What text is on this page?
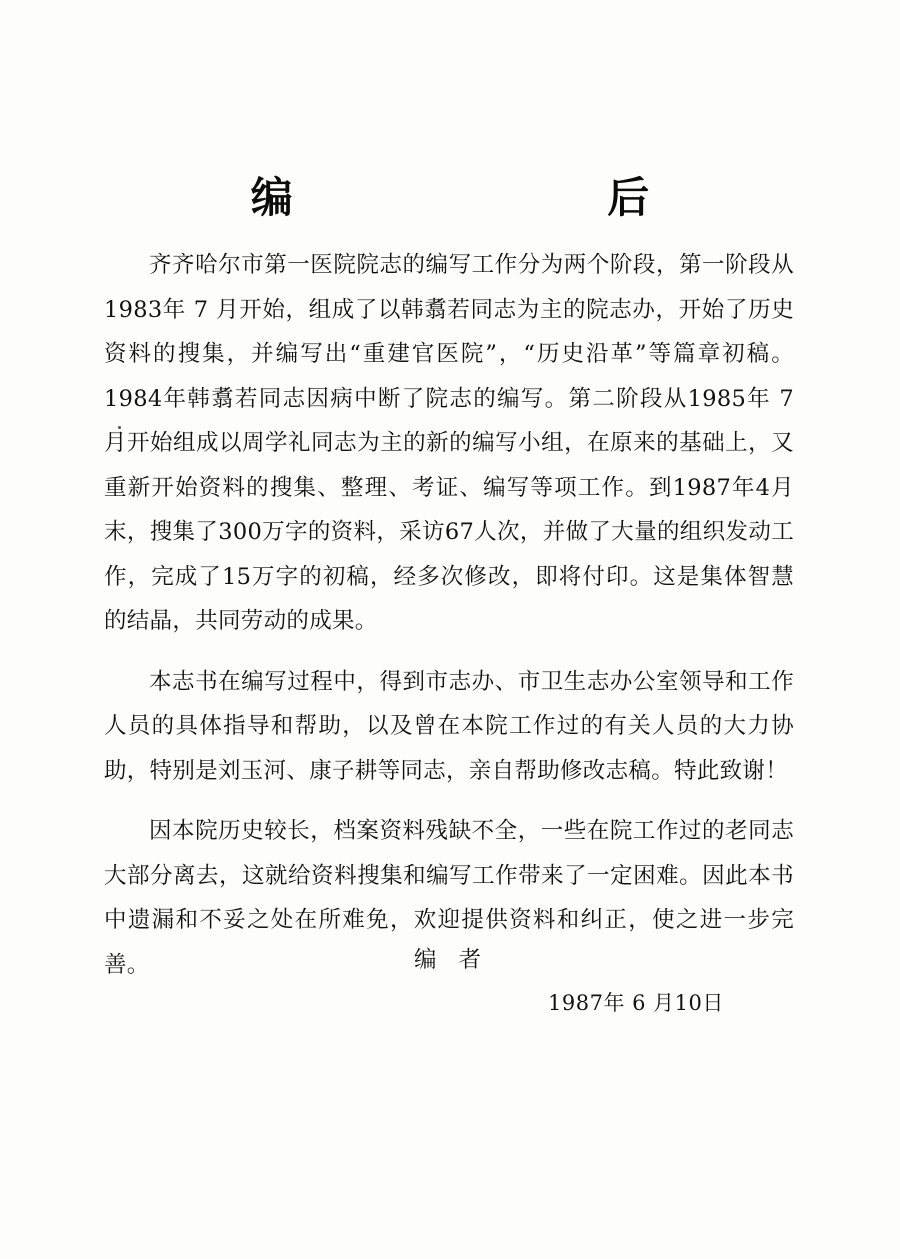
编 后

齐齐哈尔市第一医院院志的编写工作分为两个阶段，第一阶段从1983年 7 月开始，组成了以韩翥若同志为主的院志办，开始了历史资料的搜集，并编写出“重建官医院”，“历史沿革”等篇章初稿。1984年韩翥若同志因病中断了院志的编写。第二阶段从1985年 7 月开始组成以周学礼同志为主的新的编写小组，在原来的基础上，又重新开始资料的搜集、整理、考证、编写等项工作。到1987年4月末，搜集了300万字的资料，采访67人次，并做了大量的组织发动工作，完成了15万字的初稿，经多次修改，即将付印。这是集体智慧的结晶，共同劳动的成果。

本志书在编写过程中，得到市志办、市卫生志办公室领导和工作人员的具体指导和帮助，以及曾在本院工作过的有关人员的大力协助，特别是刘玉河、康子耕等同志，亲自帮助修改志稿。特此致谢！

因本院历史较长，档案资料残缺不全，一些在院工作过的老同志大部分离去，这就给资料搜集和编写工作带来了一定困难。因此本书中遗漏和不妥之处在所难免，欢迎提供资料和纠正，使之进一步完善。	编者
1987年 6 月10日
